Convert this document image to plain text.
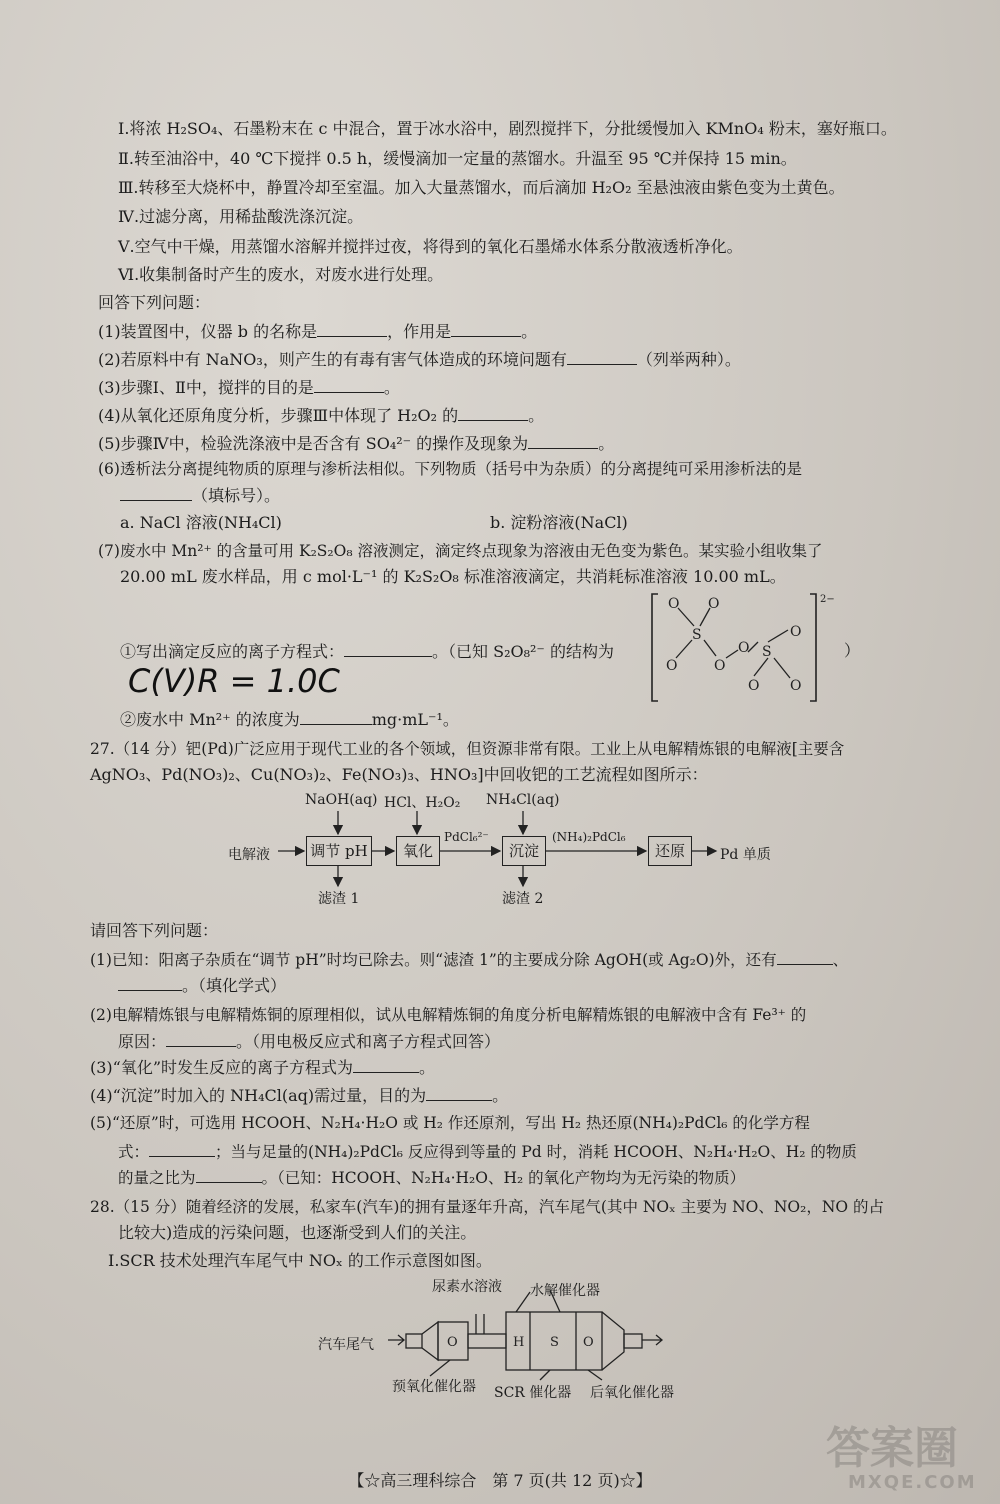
Ⅰ.将浓 H₂SO₄、石墨粉末在 c 中混合，置于冰水浴中，剧烈搅拌下，分批缓慢加入 KMnO₄ 粉末，塞好瓶口。
Ⅱ.转至油浴中，40 ℃下搅拌 0.5 h，缓慢滴加一定量的蒸馏水。升温至 95 ℃并保持 15 min。
Ⅲ.转移至大烧杯中，静置冷却至室温。加入大量蒸馏水，而后滴加 H₂O₂ 至悬浊液由紫色变为土黄色。
Ⅳ.过滤分离，用稀盐酸洗涤沉淀。
Ⅴ.空气中干燥，用蒸馏水溶解并搅拌过夜，将得到的氧化石墨烯水体系分散液透析净化。
Ⅵ.收集制备时产生的废水，对废水进行处理。
回答下列问题：
(1)装置图中，仪器 b 的名称是	，作用是	。
(2)若原料中有 NaNO₃，则产生的有毒有害气体造成的环境问题有	（列举两种）。
(3)步骤Ⅰ、Ⅱ中，搅拌的目的是	。
(4)从氧化还原角度分析，步骤Ⅲ中体现了 H₂O₂ 的	。
(5)步骤Ⅳ中，检验洗涤液中是否含有 SO₄²⁻ 的操作及现象为	。
(6)透析法分离提纯物质的原理与渗析法相似。下列物质（括号中为杂质）的分离提纯可采用渗析法的是
（填标号）。
a. NaCl 溶液(NH₄Cl)	b. 淀粉溶液(NaCl)
(7)废水中 Mn²⁺ 的含量可用 K₂S₂O₈ 溶液测定，滴定终点现象为溶液由无色变为紫色。某实验小组收集了
20.00 mL 废水样品，用 c mol·L⁻¹ 的 K₂S₂O₈ 标准溶液滴定，共消耗标准溶液 10.00 mL。
①写出滴定反应的离子方程式：	。（已知 S₂O₈²⁻ 的结构为	）
O O
S
O	O
O S
O
O O
2−
C(V)R = 1.0C
②废水中 Mn²⁺ 的浓度为	mg·mL⁻¹。
27.（14 分）钯(Pd)广泛应用于现代工业的各个领域，但资源非常有限。工业上从电解精炼银的电解液[主要含
AgNO₃、Pd(NO₃)₂、Cu(NO₃)₂、Fe(NO₃)₃、HNO₃]中回收钯的工艺流程如图所示：
NaOH(aq) HCl、H₂O₂ NH₄Cl(aq)
电解液	调节 pH	氧化
PdCl₆²⁻
沉淀
(NH₄)₂PdCl₆
还原	Pd 单质
滤渣 1	滤渣 2
请回答下列问题：
(1)已知：阳离子杂质在“调节 pH”时均已除去。则“滤渣 1”的主要成分除 AgOH(或 Ag₂O)外，还有	、
。（填化学式）
(2)电解精炼银与电解精炼铜的原理相似，试从电解精炼铜的角度分析电解精炼银的电解液中含有 Fe³⁺ 的
原因：	。（用电极反应式和离子方程式回答）
(3)“氧化”时发生反应的离子方程式为	。
(4)“沉淀”时加入的 NH₄Cl(aq)需过量，目的为	。
(5)“还原”时，可选用 HCOOH、N₂H₄·H₂O 或 H₂ 作还原剂，写出 H₂ 热还原(NH₄)₂PdCl₆ 的化学方程
式：	；当与足量的(NH₄)₂PdCl₆ 反应得到等量的 Pd 时，消耗 HCOOH、N₂H₄·H₂O、H₂ 的物质
的量之比为	。（已知：HCOOH、N₂H₄·H₂O、H₂ 的氧化产物均为无污染的物质）
28.（15 分）随着经济的发展，私家车(汽车)的拥有量逐年升高，汽车尾气(其中 NOₓ 主要为 NO、NO₂，NO 的占
比较大)造成的污染问题，也逐渐受到人们的关注。
Ⅰ.SCR 技术处理汽车尾气中 NOₓ 的工作示意图如图。
尿素水溶液 水解催化器
汽车尾气
预氧化催化器 SCR 催化器 后氧化催化器
O	H S O
【☆高三理科综合　第 7 页(共 12 页)☆】
答案圈
MXQE.COM
